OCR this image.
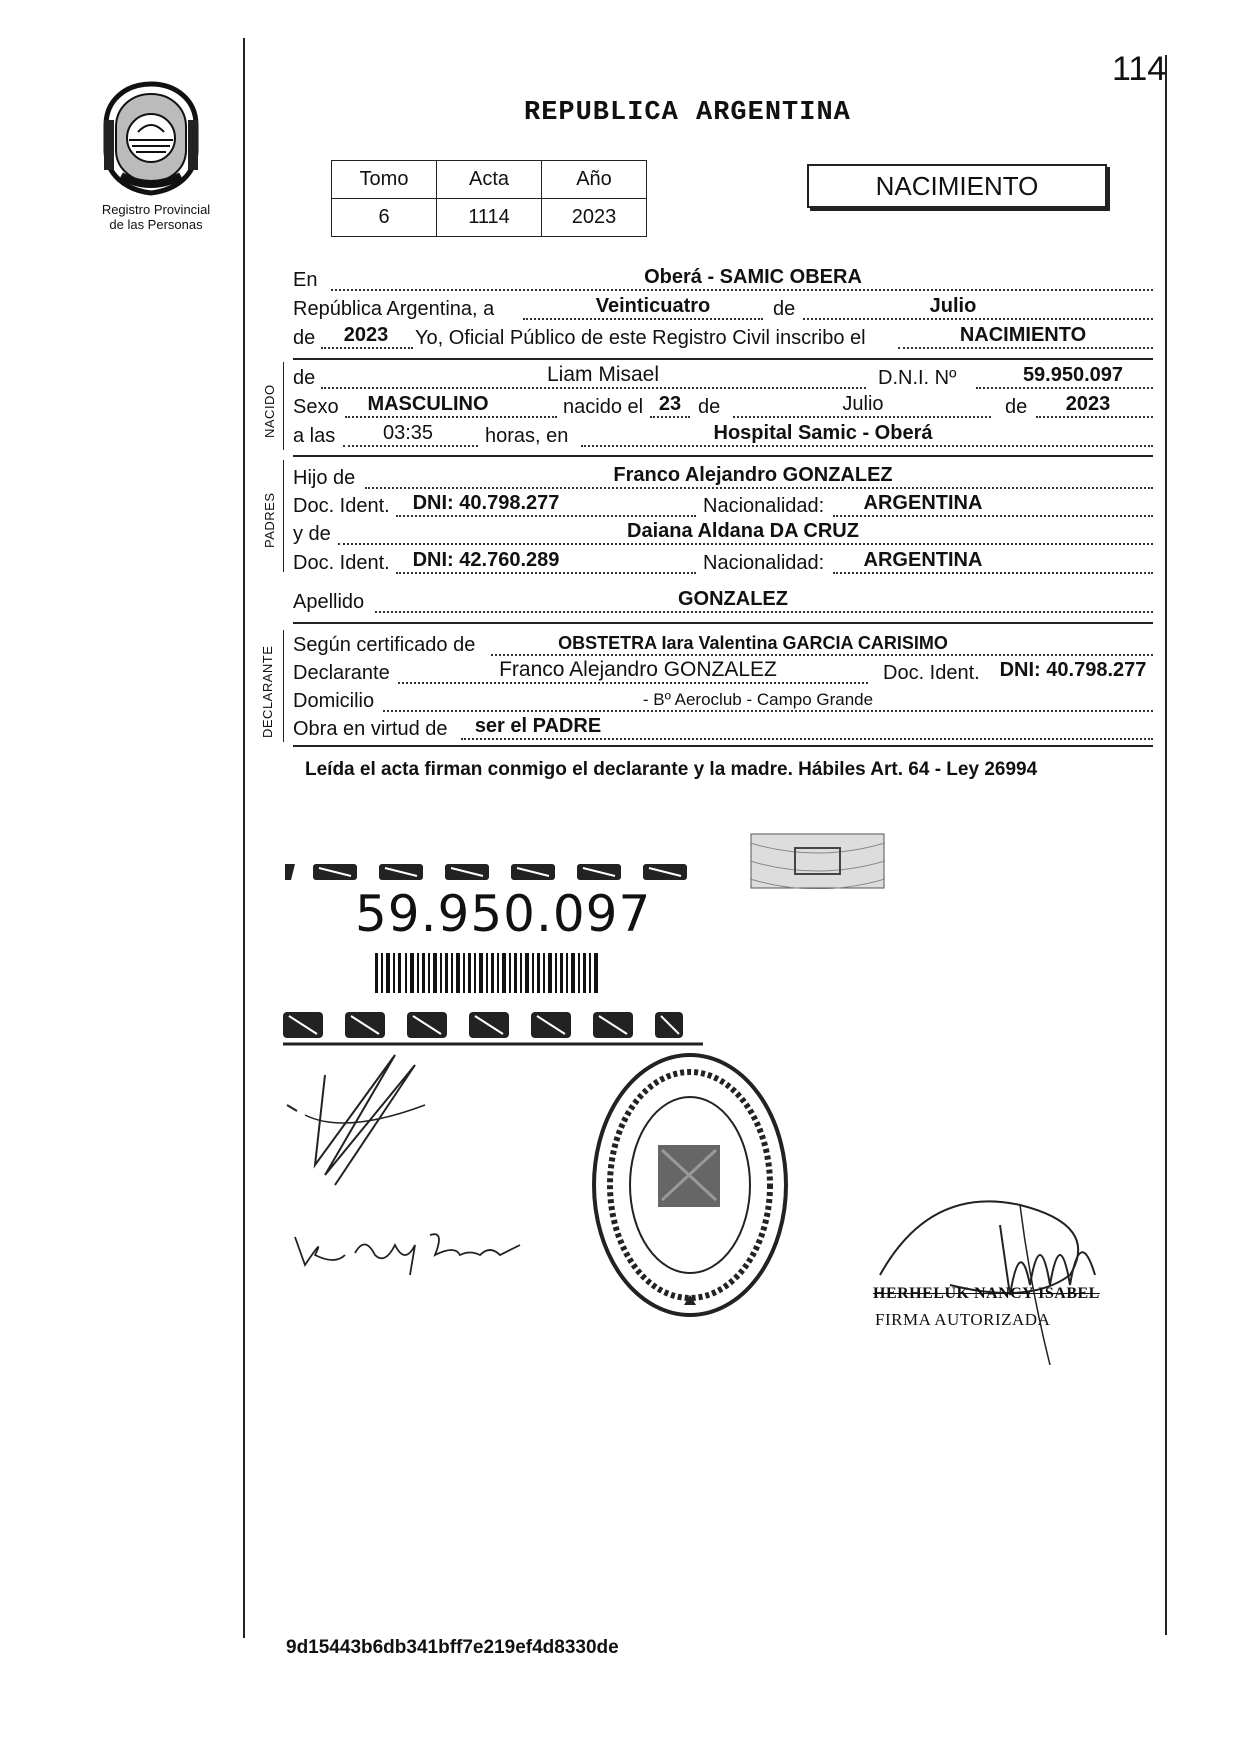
114
Registro Provincial
de las Personas
REPUBLICA ARGENTINA
Tomo	Acta	Año
6	1114	2023
NACIMIENTO
En	Oberá - SAMIC OBERA
República Argentina, a	Veinticuatro	de	Julio
de	2023	Yo, Oficial Público de este Registro Civil inscribo el	NACIMIENTO
NACIDO
de	Liam Misael	D.N.I. Nº	59.950.097
Sexo	MASCULINO	nacido el 23 de	Julio	de	2023
a las	03:35	horas, en	Hospital Samic - Oberá
PADRES
Hijo de	Franco Alejandro GONZALEZ
Doc. Ident.	DNI: 40.798.277	Nacionalidad:	ARGENTINA
y de	Daiana Aldana DA CRUZ
Doc. Ident.	DNI: 42.760.289	Nacionalidad:	ARGENTINA
Apellido	GONZALEZ
DECLARANTE
Según certificado de	OBSTETRA Iara Valentina GARCIA CARISIMO
Declarante	Franco Alejandro GONZALEZ	Doc. Ident. DNI: 40.798.277
Domicilio	- Bº Aeroclub - Campo Grande
Obra en virtud de	ser el PADRE
Leída el acta firman conmigo el declarante y la madre. Hábiles Art. 64 - Ley 26994
59.950.097
HERHELUK NANCY ISABEL
FIRMA AUTORIZADA
9d15443b6db341bff7e219ef4d8330de
